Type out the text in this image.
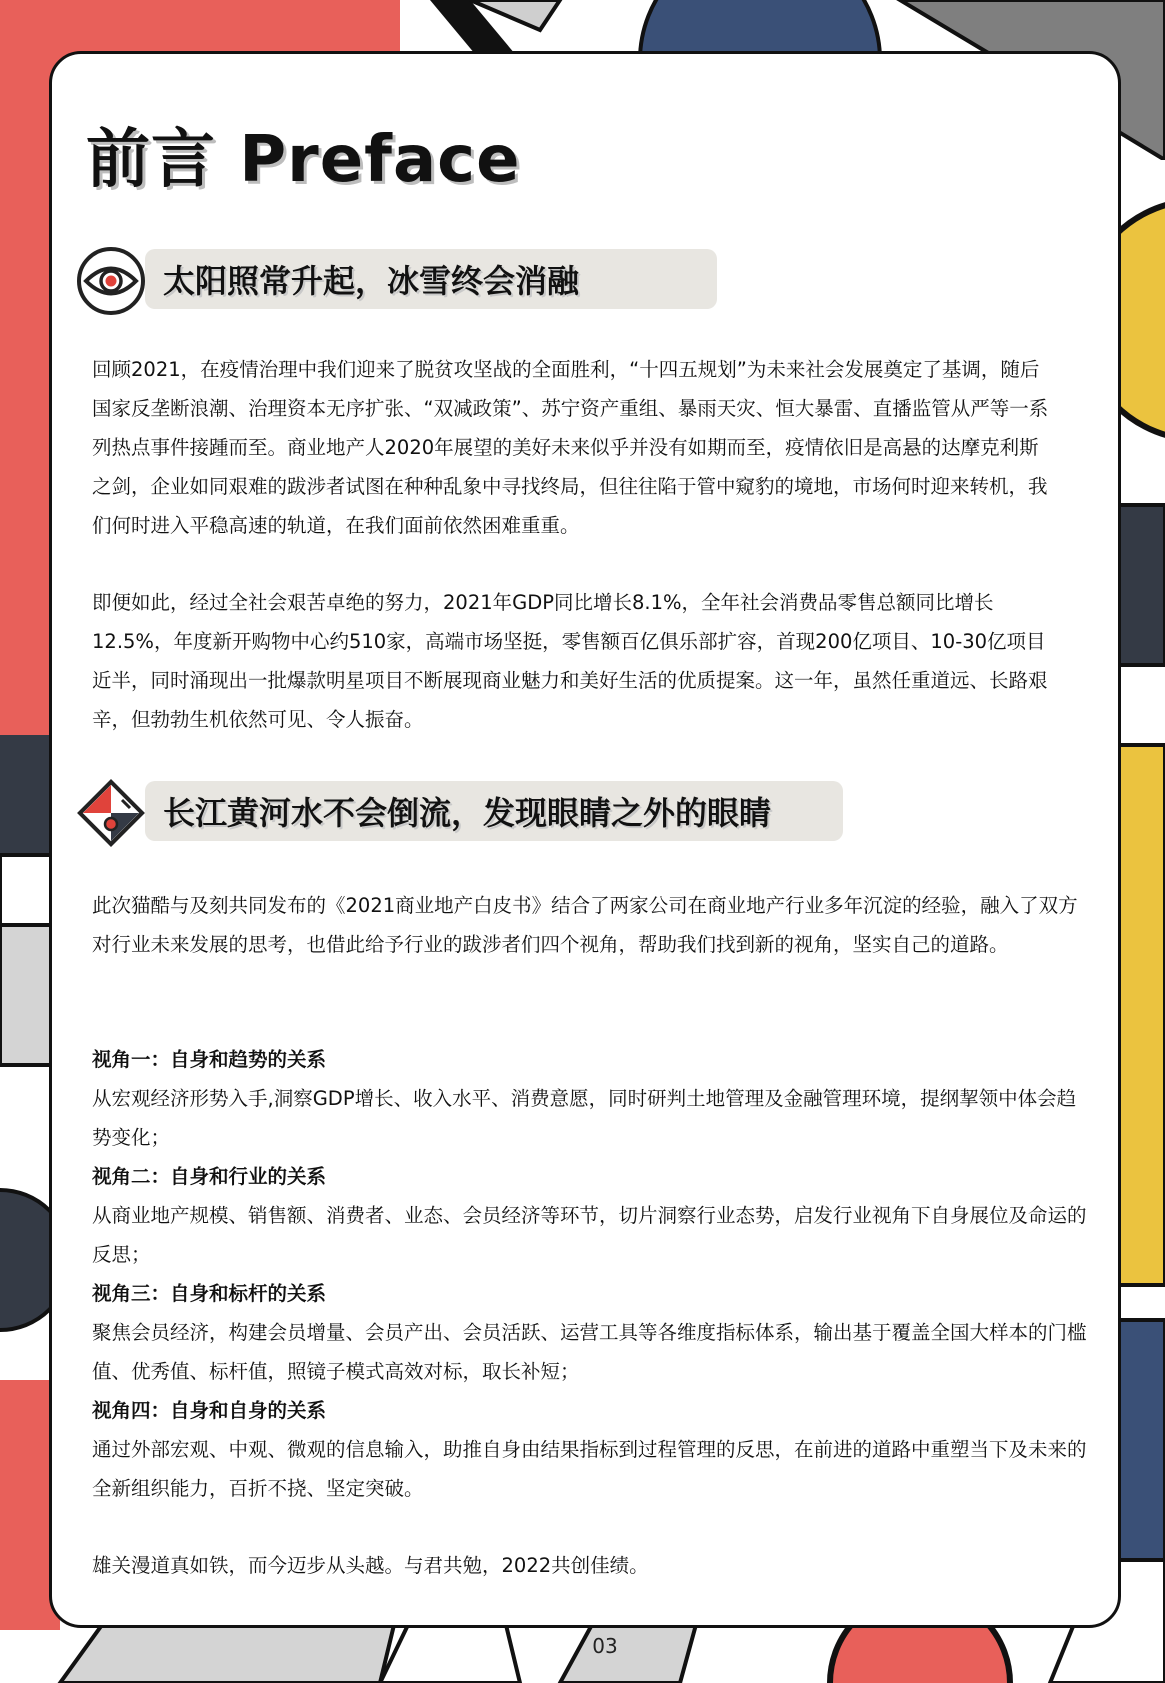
前言 Preface
太阳照常升起，冰雪终会消融

回顾2021，在疫情治理中我们迎来了脱贫攻坚战的全面胜利，“十四五规划”为未来社会发展奠定了基调，随后国家反垄断浪潮、治理资本无序扩张、“双减政策”、苏宁资产重组、暴雨天灾、恒大暴雷、直播监管从严等一系列热点事件接踵而至。商业地产人2020年展望的美好未来似乎并没有如期而至，疫情依旧是高悬的达摩克利斯之剑，企业如同艰难的跋涉者试图在种种乱象中寻找终局，但往往陷于管中窥豹的境地，市场何时迎来转机，我们何时进入平稳高速的轨道，在我们面前依然困难重重。

即便如此，经过全社会艰苦卓绝的努力，2021年GDP同比增长8.1%，全年社会消费品零售总额同比增长12.5%，年度新开购物中心约510家，高端市场坚挺，零售额百亿俱乐部扩容，首现200亿项目、10-30亿项目近半，同时涌现出一批爆款明星项目不断展现商业魅力和美好生活的优质提案。这一年，虽然任重道远、长路艰辛，但勃勃生机依然可见、令人振奋。

长江黄河水不会倒流，发现眼睛之外的眼睛

此次猫酷与及刻共同发布的《2021商业地产白皮书》结合了两家公司在商业地产行业多年沉淀的经验，融入了双方对行业未来发展的思考，也借此给予行业的跋涉者们四个视角，帮助我们找到新的视角，坚实自己的道路。

视角一：自身和趋势的关系

从宏观经济形势入手,洞察GDP增长、收入水平、消费意愿，同时研判土地管理及金融管理环境，提纲挈领中体会趋势变化；

视角二：自身和行业的关系

从商业地产规模、销售额、消费者、业态、会员经济等环节，切片洞察行业态势，启发行业视角下自身展位及命运的反思；

视角三：自身和标杆的关系

聚焦会员经济，构建会员增量、会员产出、会员活跃、运营工具等各维度指标体系，输出基于覆盖全国大样本的门槛值、优秀值、标杆值，照镜子模式高效对标，取长补短；

视角四：自身和自身的关系

通过外部宏观、中观、微观的信息输入，助推自身由结果指标到过程管理的反思，在前进的道路中重塑当下及未来的全新组织能力，百折不挠、坚定突破。

雄关漫道真如铁，而今迈步从头越。与君共勉，2022共创佳绩。

03
